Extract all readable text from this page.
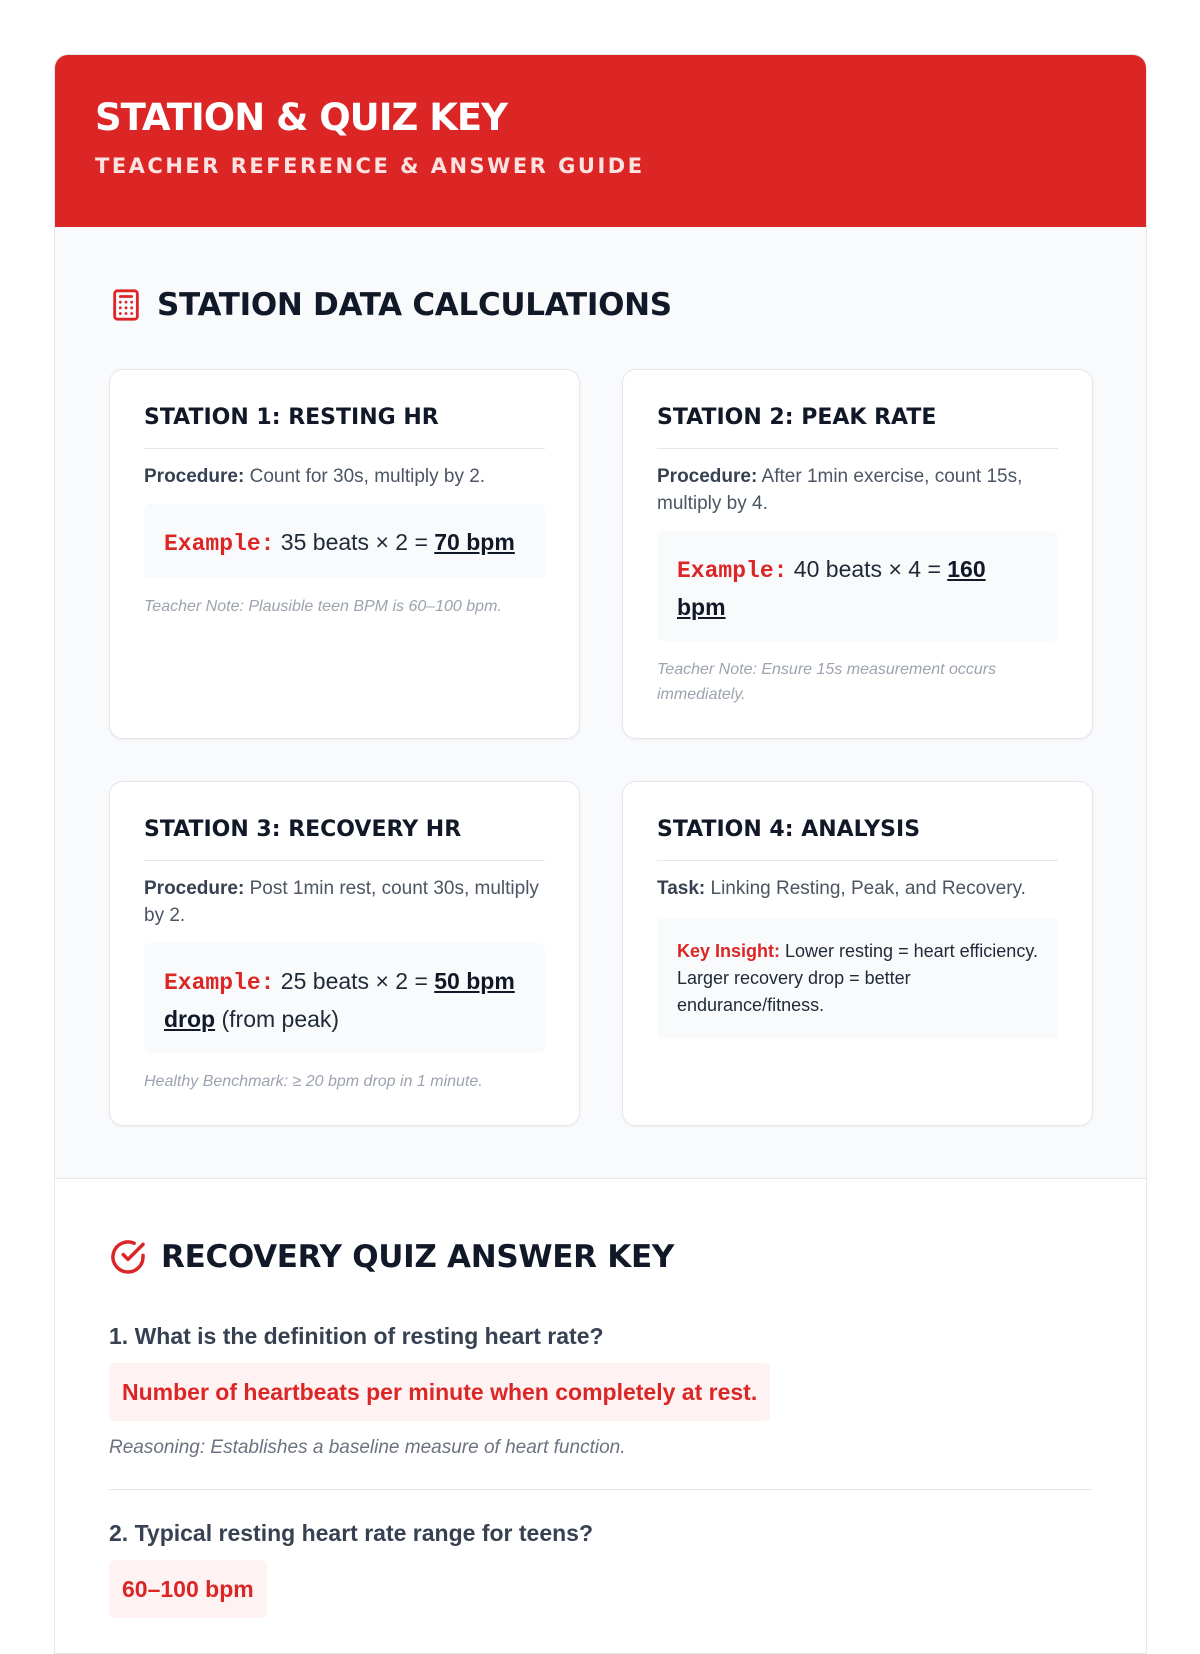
STATION & QUIZ KEY
TEACHER REFERENCE & ANSWER GUIDE
STATION DATA CALCULATIONS
STATION 1: RESTING HR

Procedure: Count for 30s, multiply by 2.

Example: 35 beats × 2 = 70 bpm

Teacher Note: Plausible teen BPM is 60–100 bpm.

STATION 2: PEAK RATE

Procedure: After 1min exercise, count 15s, multiply by 4.

Example: 40 beats × 4 = 160 bpm

Teacher Note: Ensure 15s measurement occurs immediately.

STATION 3: RECOVERY HR

Procedure: Post 1min rest, count 30s, multiply by 2.

Example: 25 beats × 2 = 50 bpm drop (from peak)

Healthy Benchmark: ≥ 20 bpm drop in 1 minute.

STATION 4: ANALYSIS

Task: Linking Resting, Peak, and Recovery.

Key Insight: Lower resting = heart efficiency. Larger recovery drop = better endurance/fitness.
RECOVERY QUIZ ANSWER KEY

1. What is the definition of resting heart rate?

Number of heartbeats per minute when completely at rest.

Reasoning: Establishes a baseline measure of heart function.

2. Typical resting heart rate range for teens?

60–100 bpm
